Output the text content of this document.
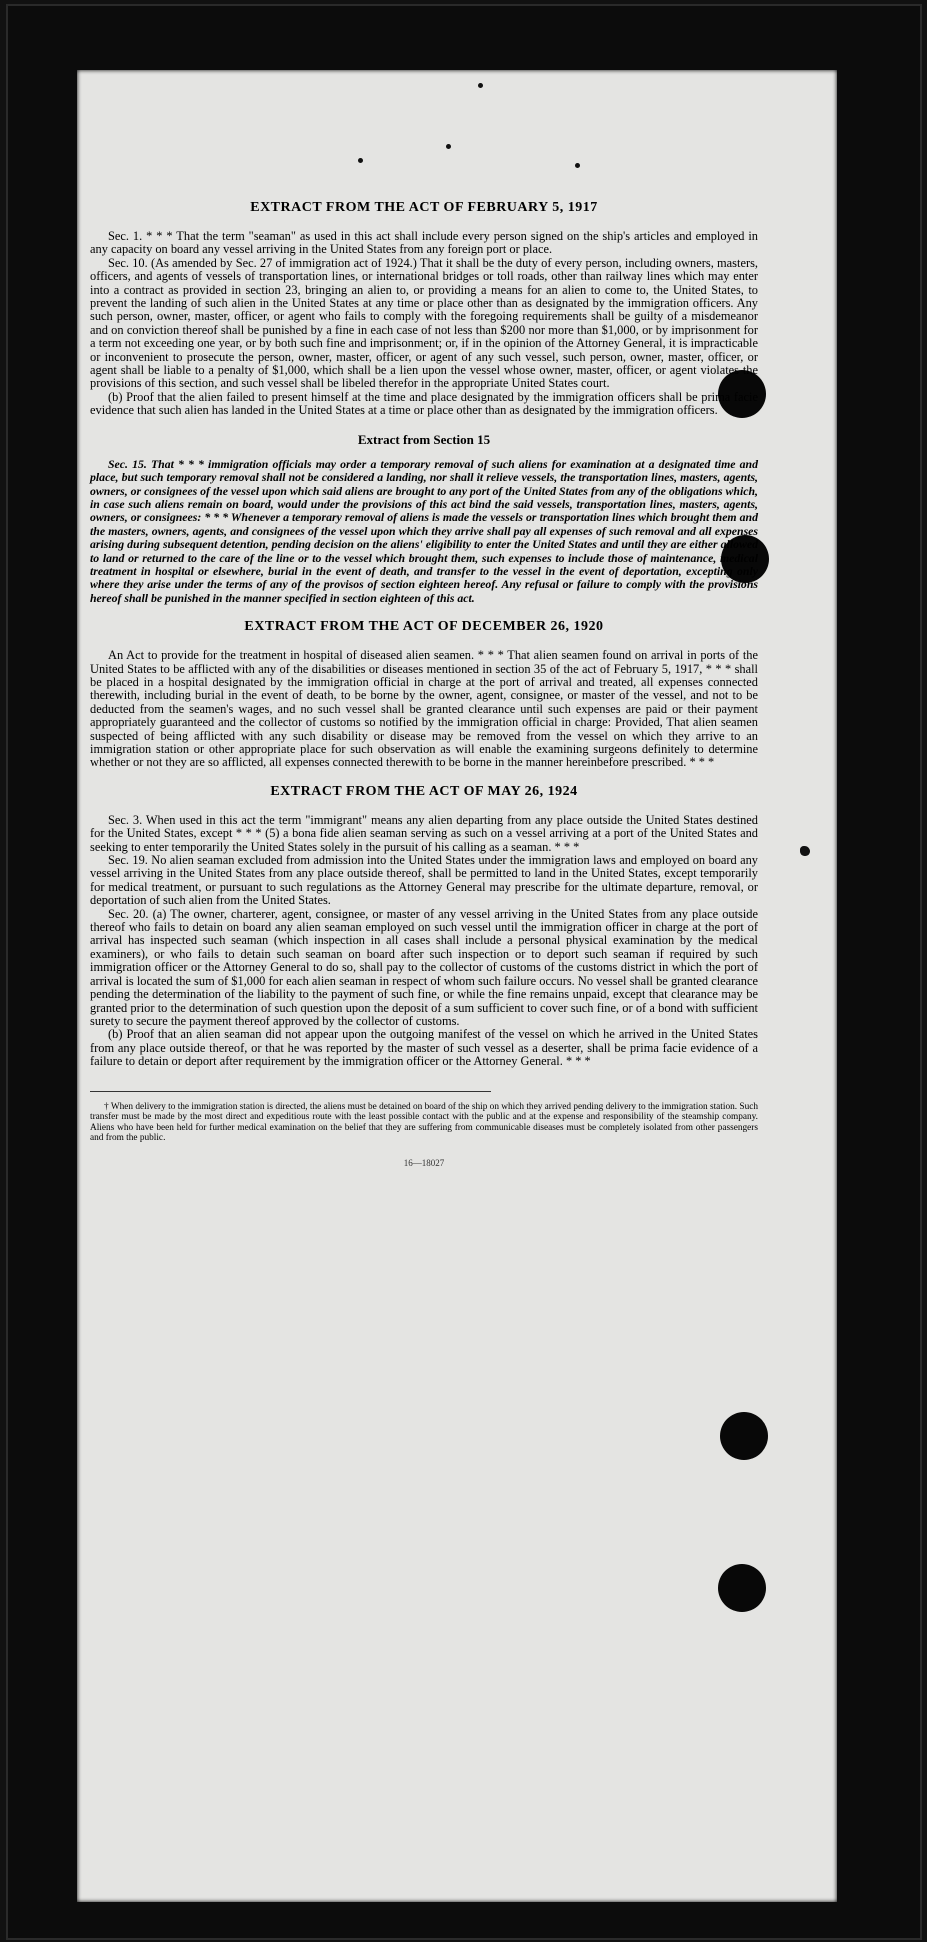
EXTRACT FROM THE ACT OF FEBRUARY 5, 1917

Sec. 1. * * * That the term "seaman" as used in this act shall include every person signed on the ship's articles and employed in any capacity on board any vessel arriving in the United States from any foreign port or place.

Sec. 10. (As amended by Sec. 27 of immigration act of 1924.) That it shall be the duty of every person, including owners, masters, officers, and agents of vessels of transportation lines, or international bridges or toll roads, other than railway lines which may enter into a contract as provided in section 23, bringing an alien to, or providing a means for an alien to come to, the United States, to prevent the landing of such alien in the United States at any time or place other than as designated by the immigration officers. Any such person, owner, master, officer, or agent who fails to comply with the foregoing requirements shall be guilty of a misdemeanor and on conviction thereof shall be punished by a fine in each case of not less than $200 nor more than $1,000, or by imprisonment for a term not exceeding one year, or by both such fine and imprisonment; or, if in the opinion of the Attorney General, it is impracticable or inconvenient to prosecute the person, owner, master, officer, or agent of any such vessel, such person, owner, master, officer, or agent shall be liable to a penalty of $1,000, which shall be a lien upon the vessel whose owner, master, officer, or agent violates the provisions of this section, and such vessel shall be libeled therefor in the appropriate United States court.

(b) Proof that the alien failed to present himself at the time and place designated by the immigration officers shall be prima facie evidence that such alien has landed in the United States at a time or place other than as designated by the immigration officers.

Extract from Section 15

Sec. 15. That * * * immigration officials may order a temporary removal of such aliens for examination at a designated time and place, but such temporary removal shall not be considered a landing, nor shall it relieve vessels, the transportation lines, masters, agents, owners, or consignees of the vessel upon which said aliens are brought to any port of the United States from any of the obligations which, in case such aliens remain on board, would under the provisions of this act bind the said vessels, transportation lines, masters, agents, owners, or consignees: * * * Whenever a temporary removal of aliens is made the vessels or transportation lines which brought them and the masters, owners, agents, and consignees of the vessel upon which they arrive shall pay all expenses of such removal and all expenses arising during subsequent detention, pending decision on the aliens' eligibility to enter the United States and until they are either allowed to land or returned to the care of the line or to the vessel which brought them, such expenses to include those of maintenance, medical treatment in hospital or elsewhere, burial in the event of death, and transfer to the vessel in the event of deportation, excepting only where they arise under the terms of any of the provisos of section eighteen hereof. Any refusal or failure to comply with the provisions hereof shall be punished in the manner specified in section eighteen of this act.

EXTRACT FROM THE ACT OF DECEMBER 26, 1920

An Act to provide for the treatment in hospital of diseased alien seamen. * * * That alien seamen found on arrival in ports of the United States to be afflicted with any of the disabilities or diseases mentioned in section 35 of the act of February 5, 1917, * * * shall be placed in a hospital designated by the immigration official in charge at the port of arrival and treated, all expenses connected therewith, including burial in the event of death, to be borne by the owner, agent, consignee, or master of the vessel, and not to be deducted from the seamen's wages, and no such vessel shall be granted clearance until such expenses are paid or their payment appropriately guaranteed and the collector of customs so notified by the immigration official in charge: Provided, That alien seamen suspected of being afflicted with any such disability or disease may be removed from the vessel on which they arrive to an immigration station or other appropriate place for such observation as will enable the examining surgeons definitely to determine whether or not they are so afflicted, all expenses connected therewith to be borne in the manner hereinbefore prescribed. * * *

EXTRACT FROM THE ACT OF MAY 26, 1924

Sec. 3. When used in this act the term "immigrant" means any alien departing from any place outside the United States destined for the United States, except * * * (5) a bona fide alien seaman serving as such on a vessel arriving at a port of the United States and seeking to enter temporarily the United States solely in the pursuit of his calling as a seaman. * * *

Sec. 19. No alien seaman excluded from admission into the United States under the immigration laws and employed on board any vessel arriving in the United States from any place outside thereof, shall be permitted to land in the United States, except temporarily for medical treatment, or pursuant to such regulations as the Attorney General may prescribe for the ultimate departure, removal, or deportation of such alien from the United States.

Sec. 20. (a) The owner, charterer, agent, consignee, or master of any vessel arriving in the United States from any place outside thereof who fails to detain on board any alien seaman employed on such vessel until the immigration officer in charge at the port of arrival has inspected such seaman (which inspection in all cases shall include a personal physical examination by the medical examiners), or who fails to detain such seaman on board after such inspection or to deport such seaman if required by such immigration officer or the Attorney General to do so, shall pay to the collector of customs of the customs district in which the port of arrival is located the sum of $1,000 for each alien seaman in respect of whom such failure occurs. No vessel shall be granted clearance pending the determination of the liability to the payment of such fine, or while the fine remains unpaid, except that clearance may be granted prior to the determination of such question upon the deposit of a sum sufficient to cover such fine, or of a bond with sufficient surety to secure the payment thereof approved by the collector of customs.

(b) Proof that an alien seaman did not appear upon the outgoing manifest of the vessel on which he arrived in the United States from any place outside thereof, or that he was reported by the master of such vessel as a deserter, shall be prima facie evidence of a failure to detain or deport after requirement by the immigration officer or the Attorney General. * * *

† When delivery to the immigration station is directed, the aliens must be detained on board of the ship on which they arrived pending delivery to the immigration station. Such transfer must be made by the most direct and expeditious route with the least possible contact with the public and at the expense and responsibility of the steamship company. Aliens who have been held for further medical examination on the belief that they are suffering from communicable diseases must be completely isolated from other passengers and from the public.

16—18027
